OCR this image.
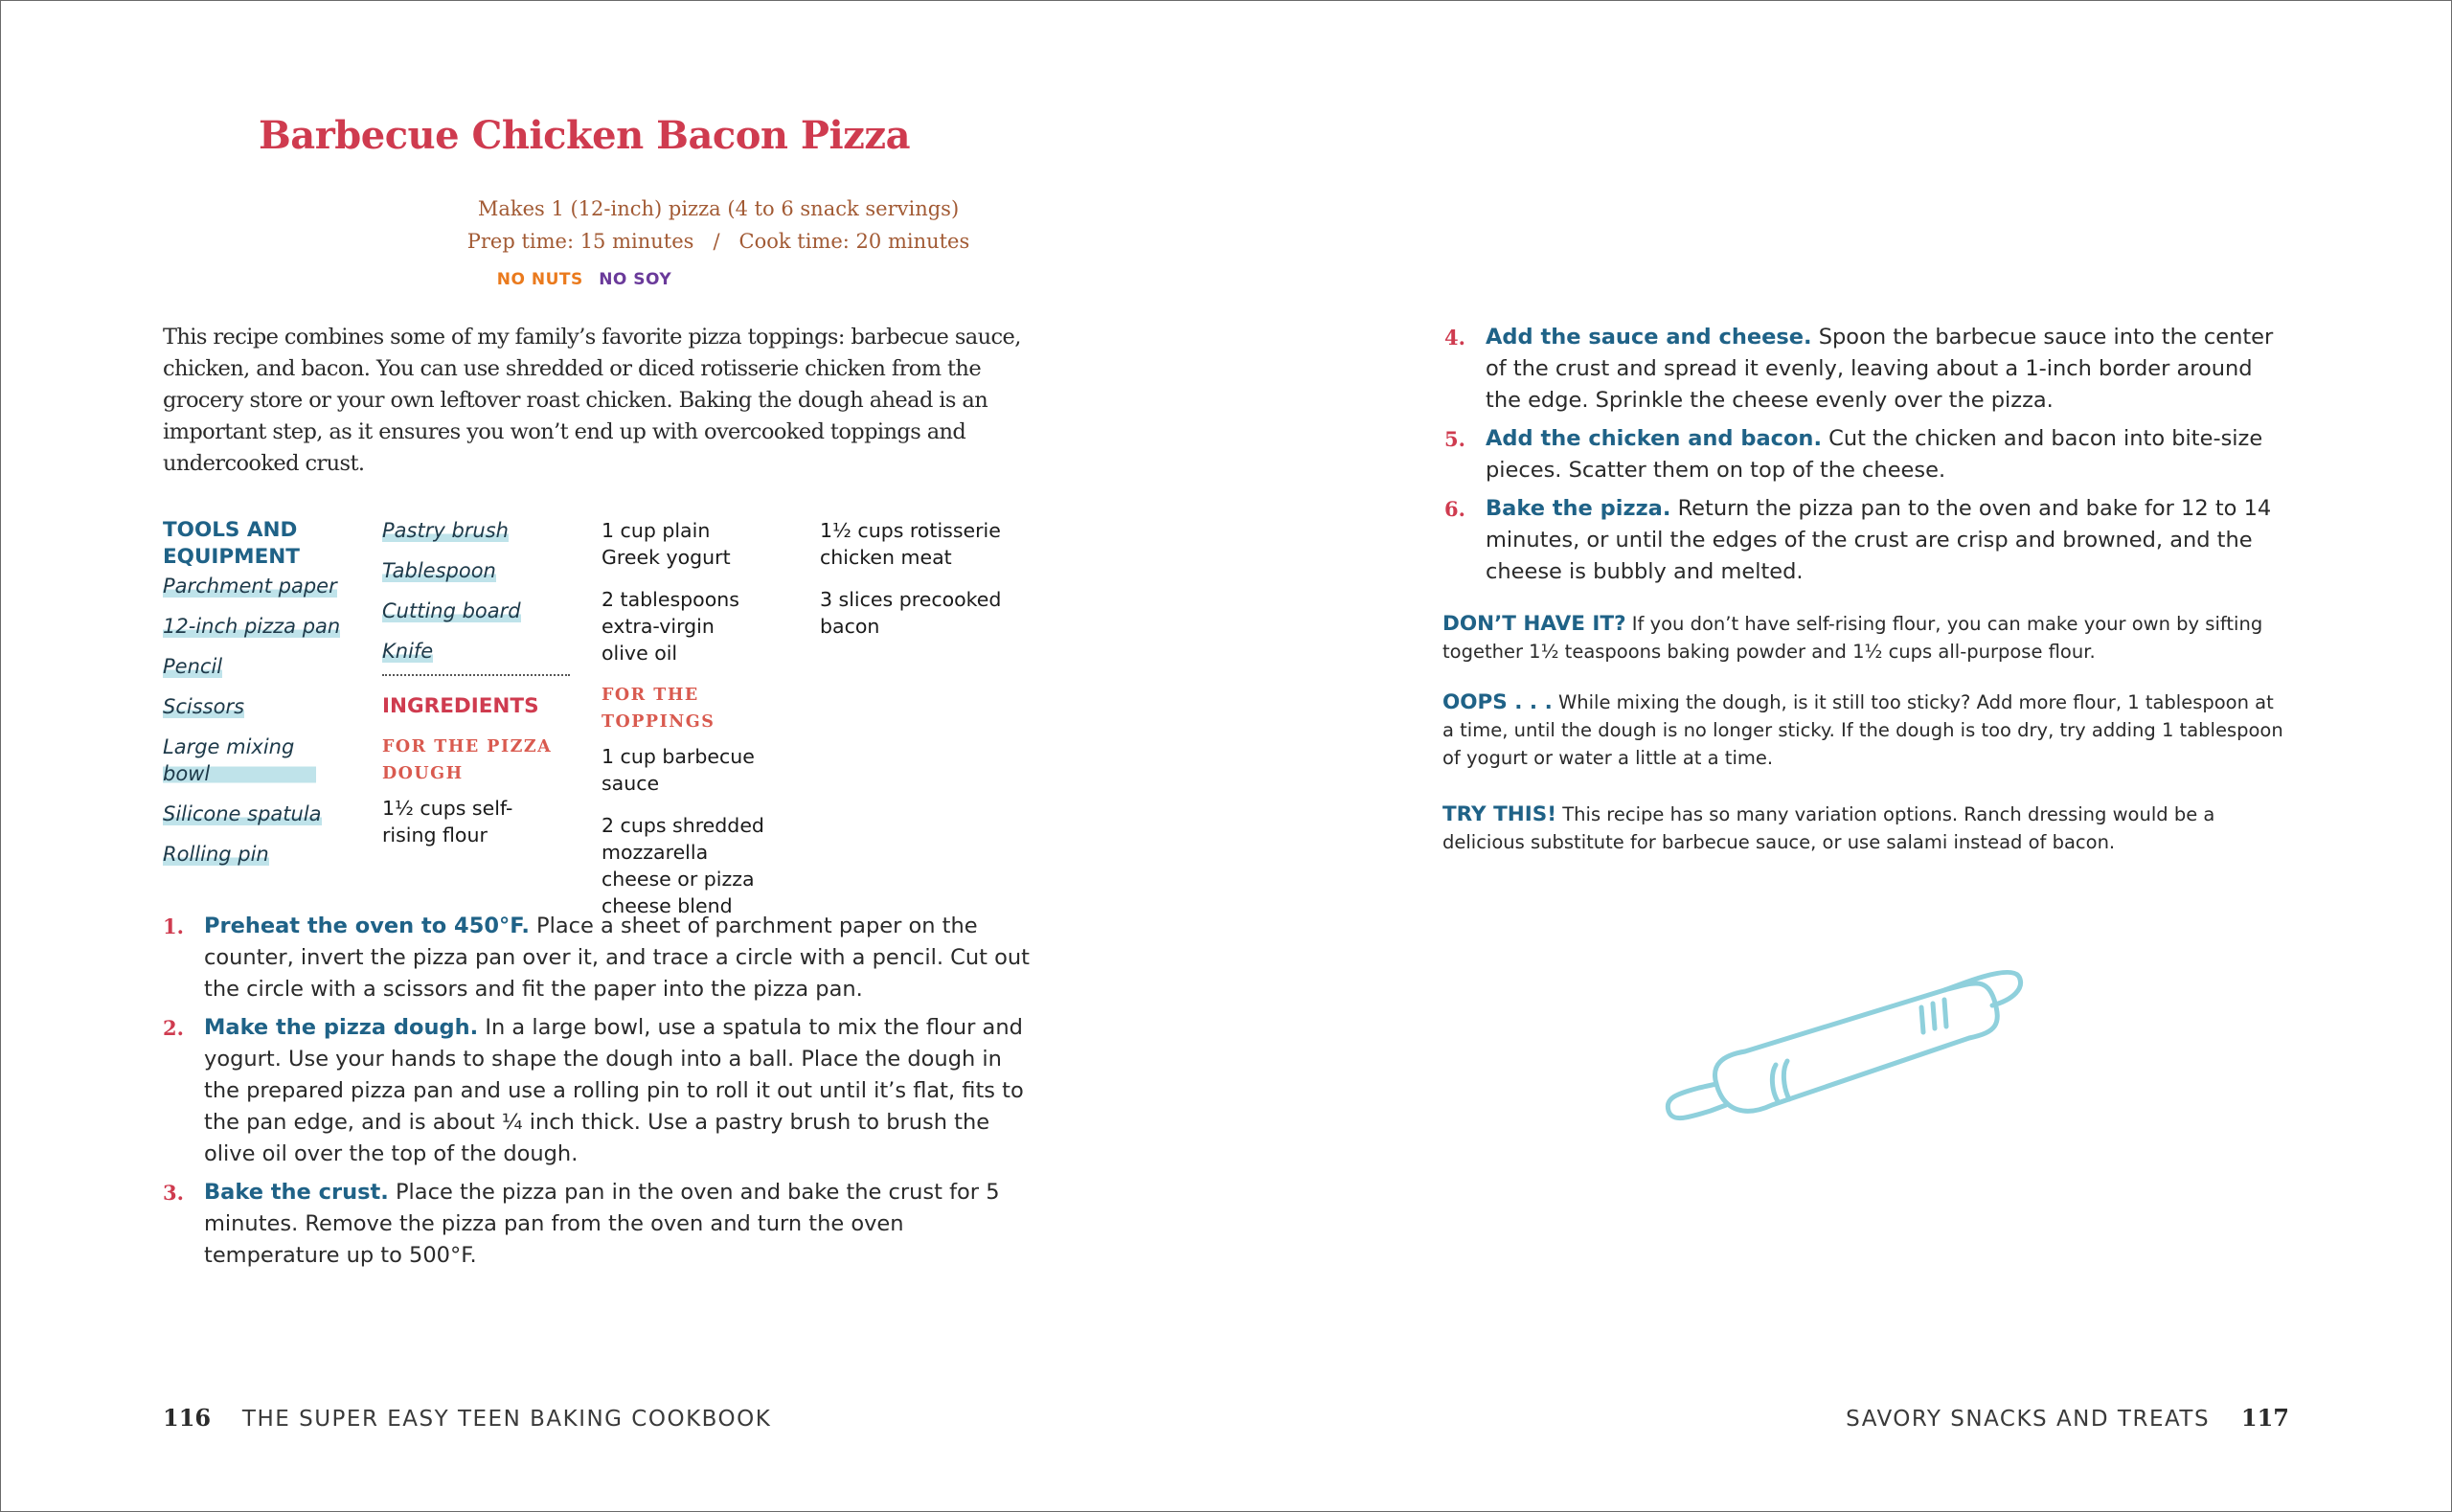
Barbecue Chicken Bacon Pizza
Makes 1 (12-inch) pizza (4 to 6 snack servings)
Prep time: 15 minutes   /   Cook time: 20 minutes
NO NUTS NO SOY
This recipe combines some of my family’s favorite pizza toppings: barbecue sauce, chicken, and bacon. You can use shredded or diced rotisserie chicken from the grocery store or your own leftover roast chicken. Baking the dough ahead is an important step, as it ensures you won’t end up with overcooked toppings and undercooked crust.
TOOLS AND EQUIPMENT
Parchment paper
12-inch pizza pan
Pencil
Scissors
Large mixing bowl
Silicone spatula
Rolling pin
Pastry brush
Tablespoon
Cutting board
Knife
INGREDIENTS
FOR THE PIZZA DOUGH
1½ cups self-rising flour
1 cup plain Greek yogurt
2 tablespoons extra-virgin olive oil
FOR THE TOPPINGS
1 cup barbecue sauce
2 cups shredded mozzarella cheese or pizza cheese blend
1½ cups rotisserie chicken meat
3 slices precooked bacon
1. Preheat the oven to 450°F. Place a sheet of parchment paper on the counter, invert the pizza pan over it, and trace a circle with a pencil. Cut out the circle with a scissors and fit the paper into the pizza pan.
2. Make the pizza dough. In a large bowl, use a spatula to mix the flour and yogurt. Use your hands to shape the dough into a ball. Place the dough in the prepared pizza pan and use a rolling pin to roll it out until it’s flat, fits to the pan edge, and is about ¼ inch thick. Use a pastry brush to brush the olive oil over the top of the dough.
3. Bake the crust. Place the pizza pan in the oven and bake the crust for 5 minutes. Remove the pizza pan from the oven and turn the oven temperature up to 500°F.
4. Add the sauce and cheese. Spoon the barbecue sauce into the center of the crust and spread it evenly, leaving about a 1-inch border around the edge. Sprinkle the cheese evenly over the pizza.
5. Add the chicken and bacon. Cut the chicken and bacon into bite-size pieces. Scatter them on top of the cheese.
6. Bake the pizza. Return the pizza pan to the oven and bake for 12 to 14 minutes, or until the edges of the crust are crisp and browned, and the cheese is bubbly and melted.
DON’T HAVE IT? If you don’t have self-rising flour, you can make your own by sifting together 1½ teaspoons baking powder and 1½ cups all-purpose flour.
OOPS . . . While mixing the dough, is it still too sticky? Add more flour, 1 tablespoon at a time, until the dough is no longer sticky. If the dough is too dry, try adding 1 tablespoon of yogurt or water a little at a time.
TRY THIS! This recipe has so many variation options. Ranch dressing would be a delicious substitute for barbecue sauce, or use salami instead of bacon.
116 THE SUPER EASY TEEN BAKING COOKBOOK	SAVORY SNACKS AND TREATS 117
